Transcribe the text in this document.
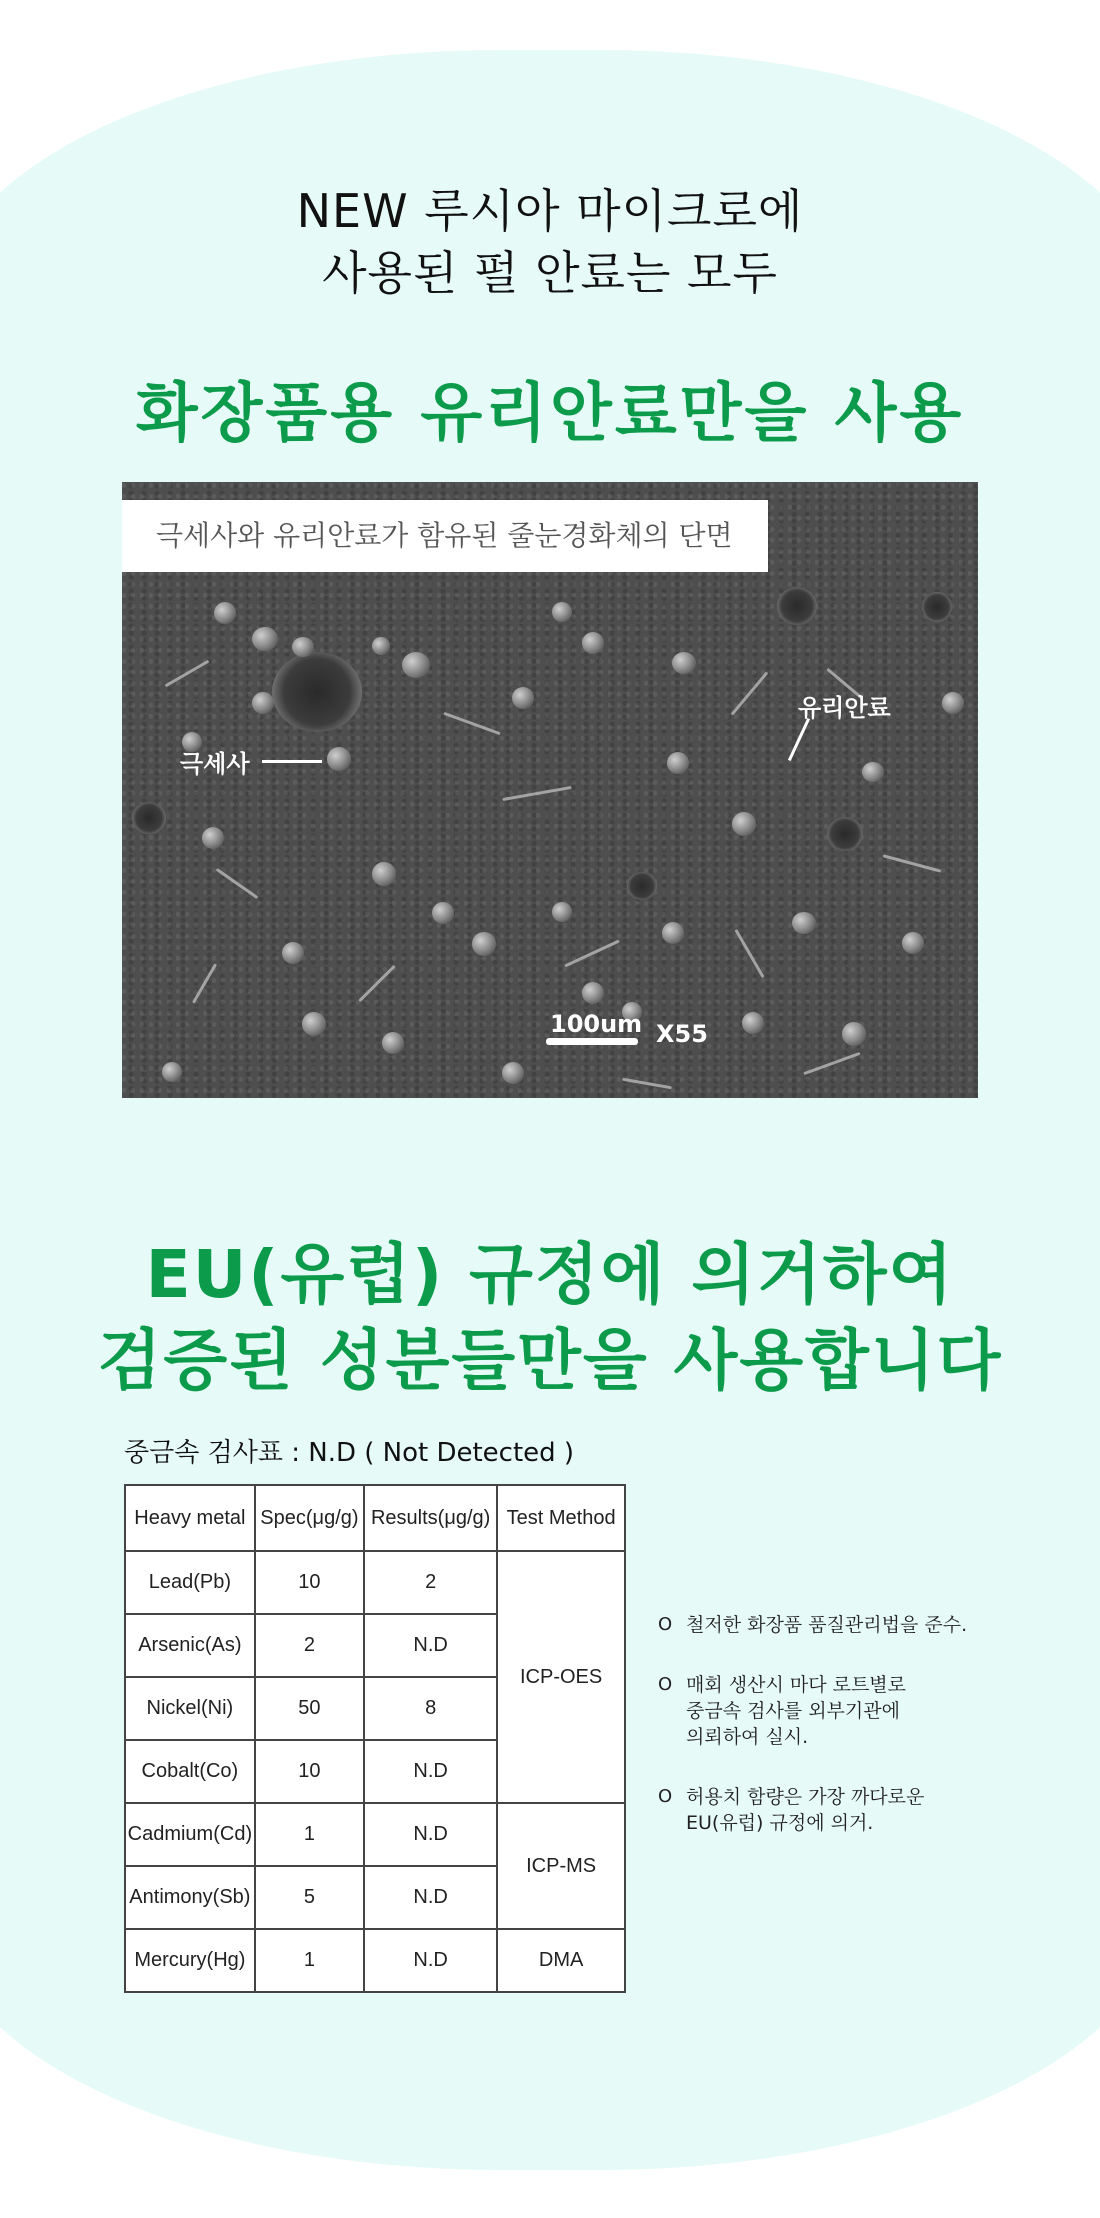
NEW 루시아 마이크로에
사용된 펄 안료는 모두
화장품용 유리안료만을 사용
극세사와 유리안료가 함유된 줄눈경화체의 단면
극세사
유리안료
100um X55
EU(유럽) 규정에 의거하여
검증된 성분들만을 사용합니다
중금속 검사표 : N.D ( Not Detected )
Heavy metal	Spec(μg/g)	Results(μg/g)	Test Method
Lead(Pb)	10	2	ICP-OES
Arsenic(As)	2	N.D	
Nickel(Ni)	50	8	
Cobalt(Co)	10	N.D	
Cadmium(Cd)	1	N.D	ICP-MS
Antimony(Sb)	5	N.D	
Mercury(Hg)	1	N.D	DMA
O 철저한 화장품 품질관리법을 준수.
O 매회 생산시 마다 로트별로
중금속 검사를 외부기관에
의뢰하여 실시.
O 허용치 함량은 가장 까다로운
EU(유럽) 규정에 의거.
